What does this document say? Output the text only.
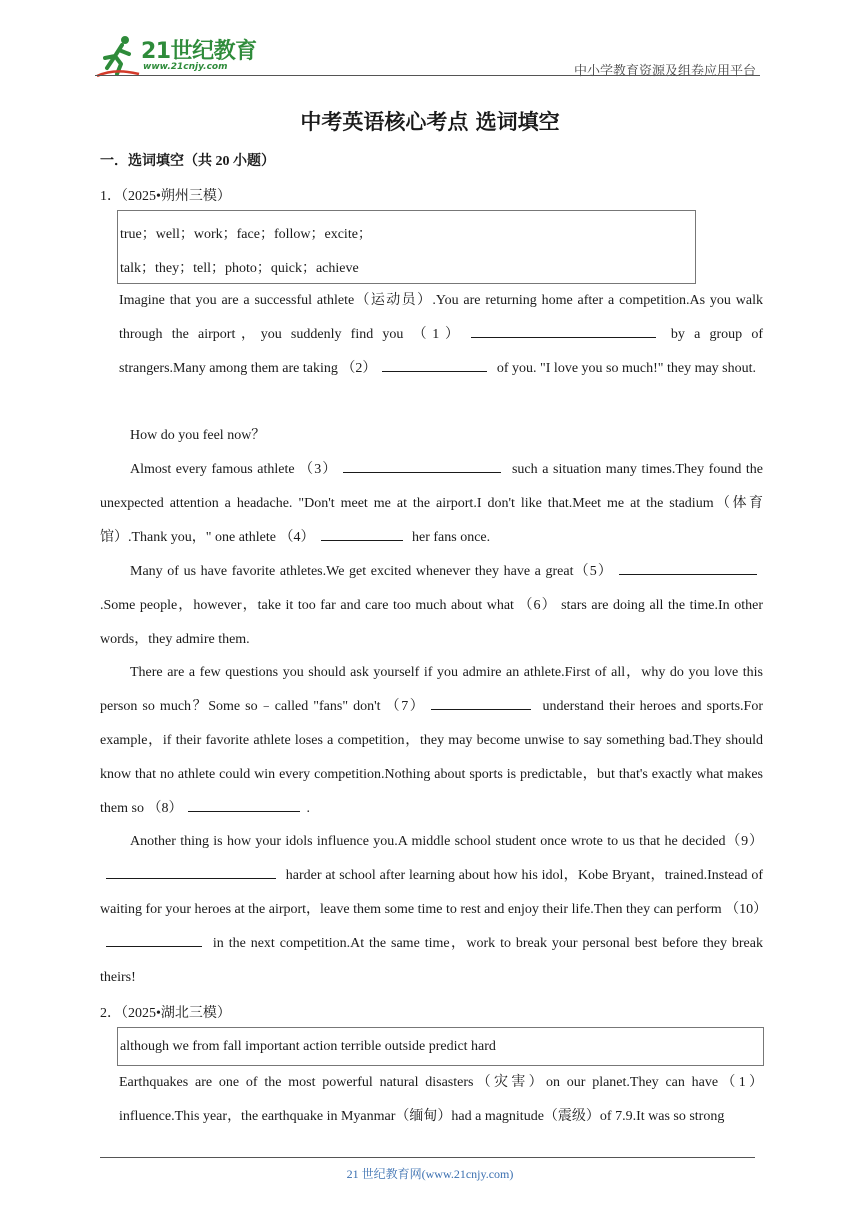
21世纪教育
www.21cnjy.com	中小学教育资源及组卷应用平台
中考英语核心考点 选词填空
一．选词填空（共 20 小题）
1．（2025•朔州三模）
true；well；work；face；follow；excite；
talk；they；tell；photo；quick；achieve
Imagine that you are a successful athlete（运动员）.You are returning home after a competition.As you walk through the airport，you suddenly find you （1）	by a group of strangers.Many among them are taking （2）	of you. "I love you so much!" they may shout.
How do you feel now？
Almost every famous athlete （3）	such a situation many times.They found the unexpected attention a headache. "Don't meet me at the airport.I don't like that.Meet me at the stadium（体育馆）.Thank you，" one athlete （4）	her fans once.
Many of us have favorite athletes.We get excited whenever they have a great（5）.Some people，however，take it too far and care too much about what （6） stars are doing all the time.In other words，they admire them.
There are a few questions you should ask yourself if you admire an athlete.First of all，why do you love this person so much？Some so﹣called "fans" don't （7）	understand their heroes and sports.For example，if their favorite athlete loses a competition，they may become unwise to say something bad.They should know that no athlete could win every competition.Nothing about sports is predictable，but that's exactly what makes them so （8）	.
Another thing is how your idols influence you.A middle school student once wrote to us that he decided（9） harder at school after learning about how his idol，Kobe Bryant，trained.Instead of waiting for your heroes at the airport，leave them some time to rest and enjoy their life.Then they can perform （10） in the next competition.At the same time，work to break your personal best before they break theirs!
2．（2025•湖北三模）
although we from fall important action terrible outside predict hard
Earthquakes are one of the most powerful natural disasters（灾害）on our planet.They can have（1） influence.This year，the earthquake in Myanmar（缅甸）had a magnitude（震级）of 7.9.It was so strong
21 世纪教育网(www.21cnjy.com)
